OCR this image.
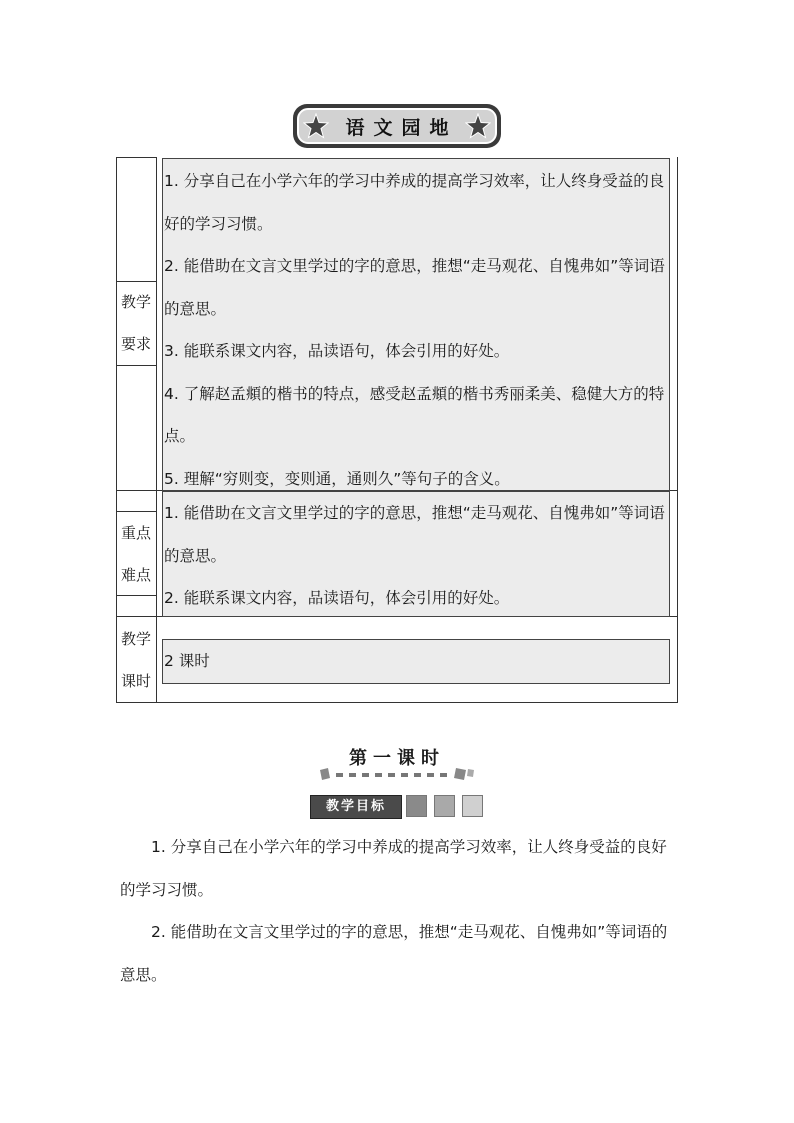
语文园地
教学
要求

1. 分享自己在小学六年的学习中养成的提高学习效率，让人终身受益的良好的学习习惯。

2. 能借助在文言文里学过的字的意思，推想“走马观花、自愧弗如”等词语的意思。

3. 能联系课文内容，品读语句，体会引用的好处。

4. 了解赵孟頫的楷书的特点，感受赵孟頫的楷书秀丽柔美、稳健大方的特点。

5. 理解“穷则变，变则通，通则久”等句子的含义。

重点
难点

1. 能借助在文言文里学过的字的意思，推想“走马观花、自愧弗如”等词语的意思。

2. 能联系课文内容，品读语句，体会引用的好处。

教学
课时

2 课时

第一课时
教学目标

1. 分享自己在小学六年的学习中养成的提高学习效率，让人终身受益的良好的学习习惯。

2. 能借助在文言文里学过的字的意思，推想“走马观花、自愧弗如”等词语的意思。
